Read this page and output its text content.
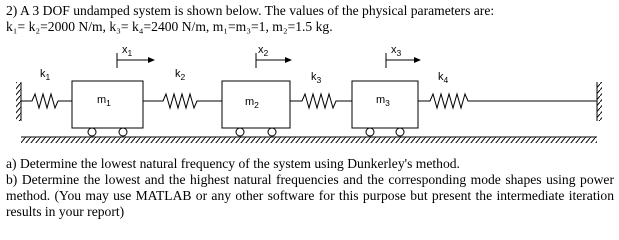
2) A 3 DOF undamped system is shown below. The values of the physical parameters are:
k₁= k₂=2000 N/m, k₃= k₄=2400 N/m, m₁=m₃=1, m₂=1.5 kg.
$x_1$	$x_2$	$x_3$
$k_1$	$k_2$	$k_3$	$k_4$
$m_1$	$m_2$	$m_3$
a) Determine the lowest natural frequency of the system using Dunkerley's method.
b) Determine the lowest and the highest natural frequencies and the corresponding mode shapes using power method. (You may use MATLAB or any other software for this purpose but present the intermediate iteration results in your report)
